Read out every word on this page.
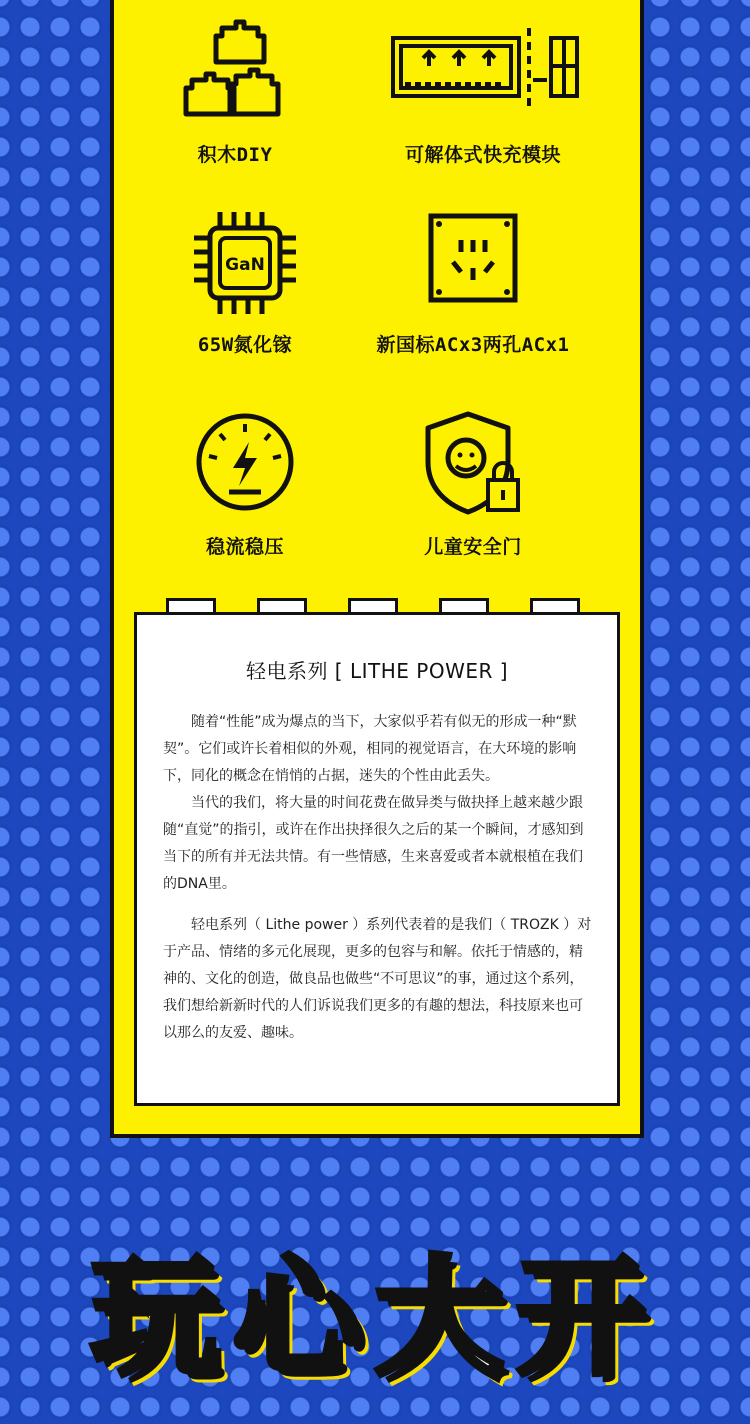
积木DIY	可解体式快充模块
GaN
65W氮化镓	新国标ACx3两孔ACx1
稳流稳压	儿童安全门
轻电系列 [ LITHE POWER ]

随着“性能”成为爆点的当下，大家似乎若有似无的形成一种“默契”。它们或许长着相似的外观，相同的视觉语言，在大环境的影响下，同化的概念在悄悄的占据，迷失的个性由此丢失。

当代的我们，将大量的时间花费在做异类与做抉择上越来越少跟随“直觉”的指引，或许在作出抉择很久之后的某一个瞬间，才感知到当下的所有并无法共情。有一些情感，生来喜爱或者本就根植在我们的DNA里。

轻电系列（ Lithe power ）系列代表着的是我们（ TROZK ）对于产品、情绪的多元化展现，更多的包容与和解。依托于情感的，精神的、文化的创造，做良品也做些“不可思议”的事，通过这个系列，我们想给新新时代的人们诉说我们更多的有趣的想法，科技原来也可以那么的友爱、趣味。

玩心大开
